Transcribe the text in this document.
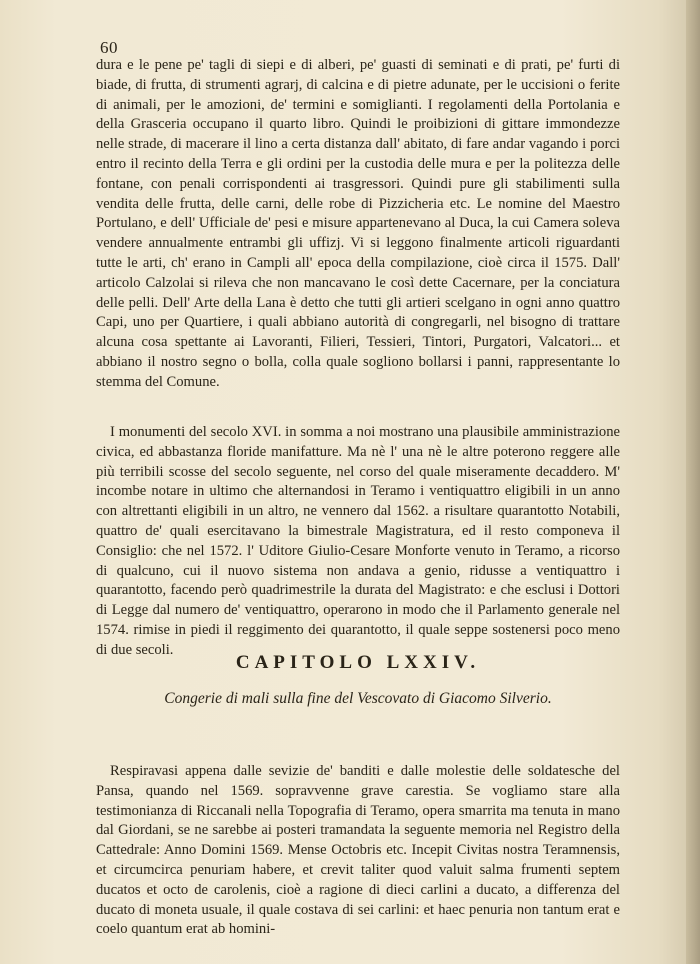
60

dura e le pene pe' tagli di siepi e di alberi, pe' guasti di seminati e di prati, pe' furti di biade, di frutta, di strumenti agrarj, di calcina e di pietre adunate, per le uccisioni o ferite di animali, per le amozioni, de' termini e somiglianti. I regolamenti della Portolania e della Grasceria occupano il quarto libro. Quindi le proibizioni di gittare immondezze nelle strade, di macerare il lino a certa distanza dall' abitato, di fare andar vagando i porci entro il recinto della Terra e gli ordini per la custodia delle mura e per la politezza delle fontane, con penali corrispondenti ai trasgressori. Quindi pure gli stabilimenti sulla vendita delle frutta, delle carni, delle robe di Pizzicheria etc. Le nomine del Maestro Portulano, e dell' Ufficiale de' pesi e misure appartenevano al Duca, la cui Camera soleva vendere annualmente entrambi gli uffizj. Vi si leggono finalmente articoli riguardanti tutte le arti, ch' erano in Campli all' epoca della compilazione, cioè circa il 1575. Dall' articolo Calzolai si rileva che non mancavano le così dette Cacernare, per la conciatura delle pelli. Dell' Arte della Lana è detto che tutti gli artieri scelgano in ogni anno quattro Capi, uno per Quartiere, i quali abbiano autorità di congregarli, nel bisogno di trattare alcuna cosa spettante ai Lavoranti, Filieri, Tessieri, Tintori, Purgatori, Valcatori... et abbiano il nostro segno o bolla, colla quale sogliono bollarsi i panni, rappresentante lo stemma del Comune.

I monumenti del secolo XVI. in somma a noi mostrano una plausibile amministrazione civica, ed abbastanza floride manifatture. Ma nè l' una nè le altre poterono reggere alle più terribili scosse del secolo seguente, nel corso del quale miseramente decaddero. M' incombe notare in ultimo che alternandosi in Teramo i ventiquattro eligibili in un anno con altrettanti eligibili in un altro, ne vennero dal 1562. a risultare quarantotto Notabili, quattro de' quali esercitavano la bimestrale Magistratura, ed il resto componeva il Consiglio: che nel 1572. l' Uditore Giulio-Cesare Monforte venuto in Teramo, a ricorso di qualcuno, cui il nuovo sistema non andava a genio, ridusse a ventiquattro i quarantotto, facendo però quadrimestrile la durata del Magistrato: e che esclusi i Dottori di Legge dal numero de' ventiquattro, operarono in modo che il Parlamento generale nel 1574. rimise in piedi il reggimento dei quarantotto, il quale seppe sostenersi poco meno di due secoli.

CAPITOLO LXXIV.
Congerie di mali sulla fine del Vescovato di Giacomo Silverio.

Respiravasi appena dalle sevizie de' banditi e dalle molestie delle soldatesche del Pansa, quando nel 1569. sopravvenne grave carestia. Se vogliamo stare alla testimonianza di Riccanali nella Topografia di Teramo, opera smarrita ma tenuta in mano dal Giordani, se ne sarebbe ai posteri tramandata la seguente memoria nel Registro della Cattedrale: Anno Domini 1569. Mense Octobris etc. Incepit Civitas nostra Teramnensis, et circumcirca penuriam habere, et crevit taliter quod valuit salma frumenti septem ducatos et octo de carolenis, cioè a ragione di dieci carlini a ducato, a differenza del ducato di moneta usuale, il quale costava di sei carlini: et haec penuria non tantum erat e coelo quantum erat ab homini-
